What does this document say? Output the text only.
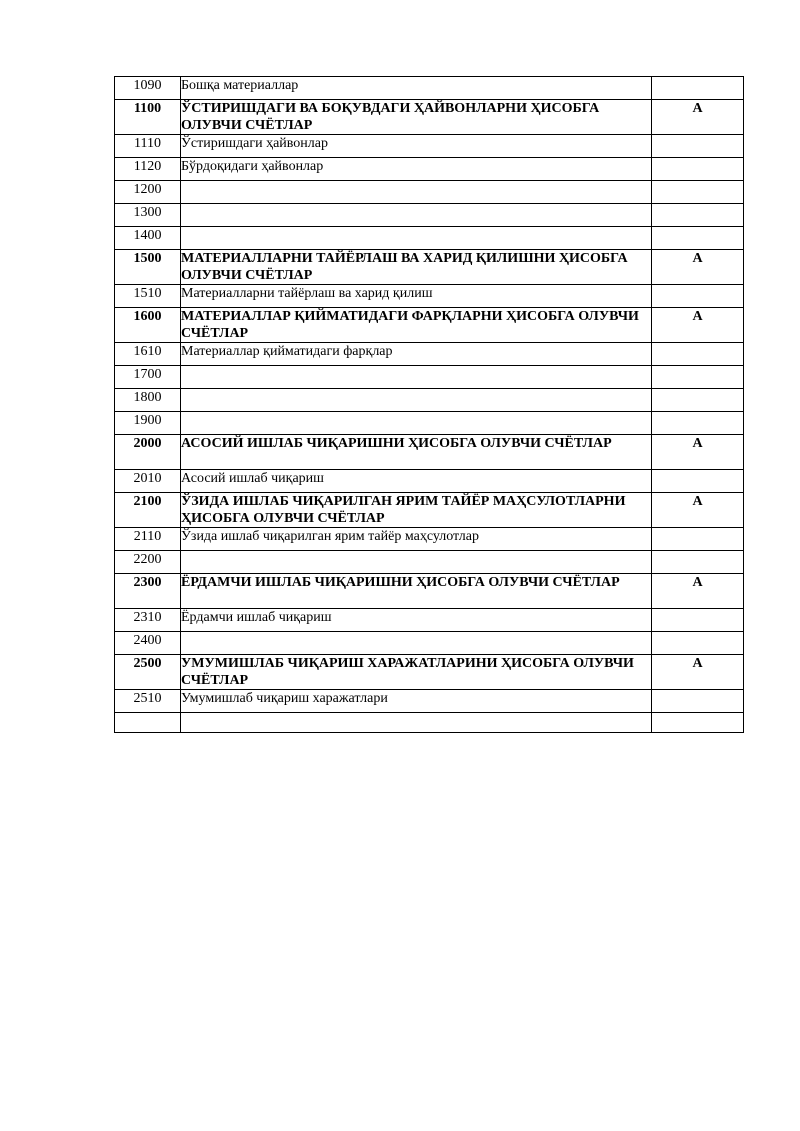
1090	Бошқа материаллар	
1100	ЎСТИРИШДАГИ ВА БОҚУВДАГИ ҲАЙВОНЛАРНИ ҲИСОБГА ОЛУВЧИ СЧЁТЛАР	А
1110	Ўстиришдаги ҳайвонлар	
1120	Бўрдоқидаги ҳайвонлар	
1200		
1300		
1400		
1500	МАТЕРИАЛЛАРНИ ТАЙЁРЛАШ ВА ХАРИД ҚИЛИШНИ ҲИСОБГА ОЛУВЧИ СЧЁТЛАР	А
1510	Материалларни тайёрлаш ва харид қилиш	
1600	МАТЕРИАЛЛАР ҚИЙМАТИДАГИ ФАРҚЛАРНИ ҲИСОБГА ОЛУВЧИ СЧЁТЛАР	А
1610	Материаллар қийматидаги фарқлар	
1700		
1800		
1900		
2000	АСОСИЙ ИШЛАБ ЧИҚАРИШНИ ҲИСОБГА ОЛУВЧИ СЧЁТЛАР	А
2010	Асосий ишлаб чиқариш	
2100	ЎЗИДА ИШЛАБ ЧИҚАРИЛГАН ЯРИМ ТАЙЁР МАҲСУЛОТЛАРНИ ҲИСОБГА ОЛУВЧИ СЧЁТЛАР	А
2110	Ўзида ишлаб чиқарилган ярим тайёр маҳсулотлар	
2200		
2300	ЁРДАМЧИ ИШЛАБ ЧИҚАРИШНИ ҲИСОБГА ОЛУВЧИ СЧЁТЛАР	А
2310	Ёрдамчи ишлаб чиқариш	
2400		
2500	УМУМИШЛАБ ЧИҚАРИШ ХАРАЖАТЛАРИНИ ҲИСОБГА ОЛУВЧИ СЧЁТЛАР	А
2510	Умумишлаб чиқариш харажатлари	
